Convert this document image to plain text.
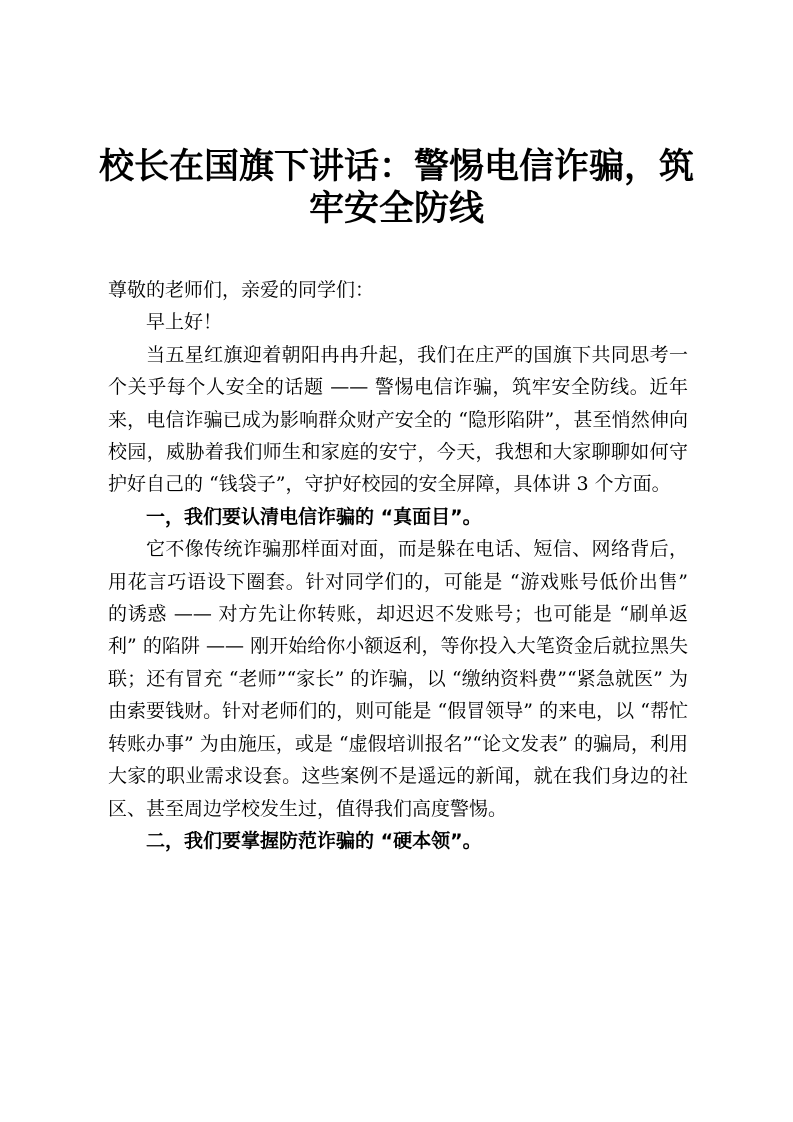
校长在国旗下讲话：警惕电信诈骗，筑牢安全防线

尊敬的老师们，亲爱的同学们：

早上好！

当五星红旗迎着朝阳冉冉升起，我们在庄严的国旗下共同思考一个关乎每个人安全的话题 —— 警惕电信诈骗，筑牢安全防线。近年来，电信诈骗已成为影响群众财产安全的 “隐形陷阱”，甚至悄然伸向校园，威胁着我们师生和家庭的安宁，今天，我想和大家聊聊如何守护好自己的 “钱袋子”，守护好校园的安全屏障，具体讲 3 个方面。

一，我们要认清电信诈骗的 “真面目”。

它不像传统诈骗那样面对面，而是躲在电话、短信、网络背后，用花言巧语设下圈套。针对同学们的，可能是 “游戏账号低价出售” 的诱惑 —— 对方先让你转账，却迟迟不发账号；也可能是 “刷单返利” 的陷阱 —— 刚开始给你小额返利，等你投入大笔资金后就拉黑失联；还有冒充 “老师”“家长” 的诈骗，以 “缴纳资料费”“紧急就医” 为由索要钱财。针对老师们的，则可能是 “假冒领导” 的来电，以 “帮忙转账办事” 为由施压，或是 “虚假培训报名”“论文发表” 的骗局，利用大家的职业需求设套。这些案例不是遥远的新闻，就在我们身边的社区、甚至周边学校发生过，值得我们高度警惕。

二，我们要掌握防范诈骗的 “硬本领”。
